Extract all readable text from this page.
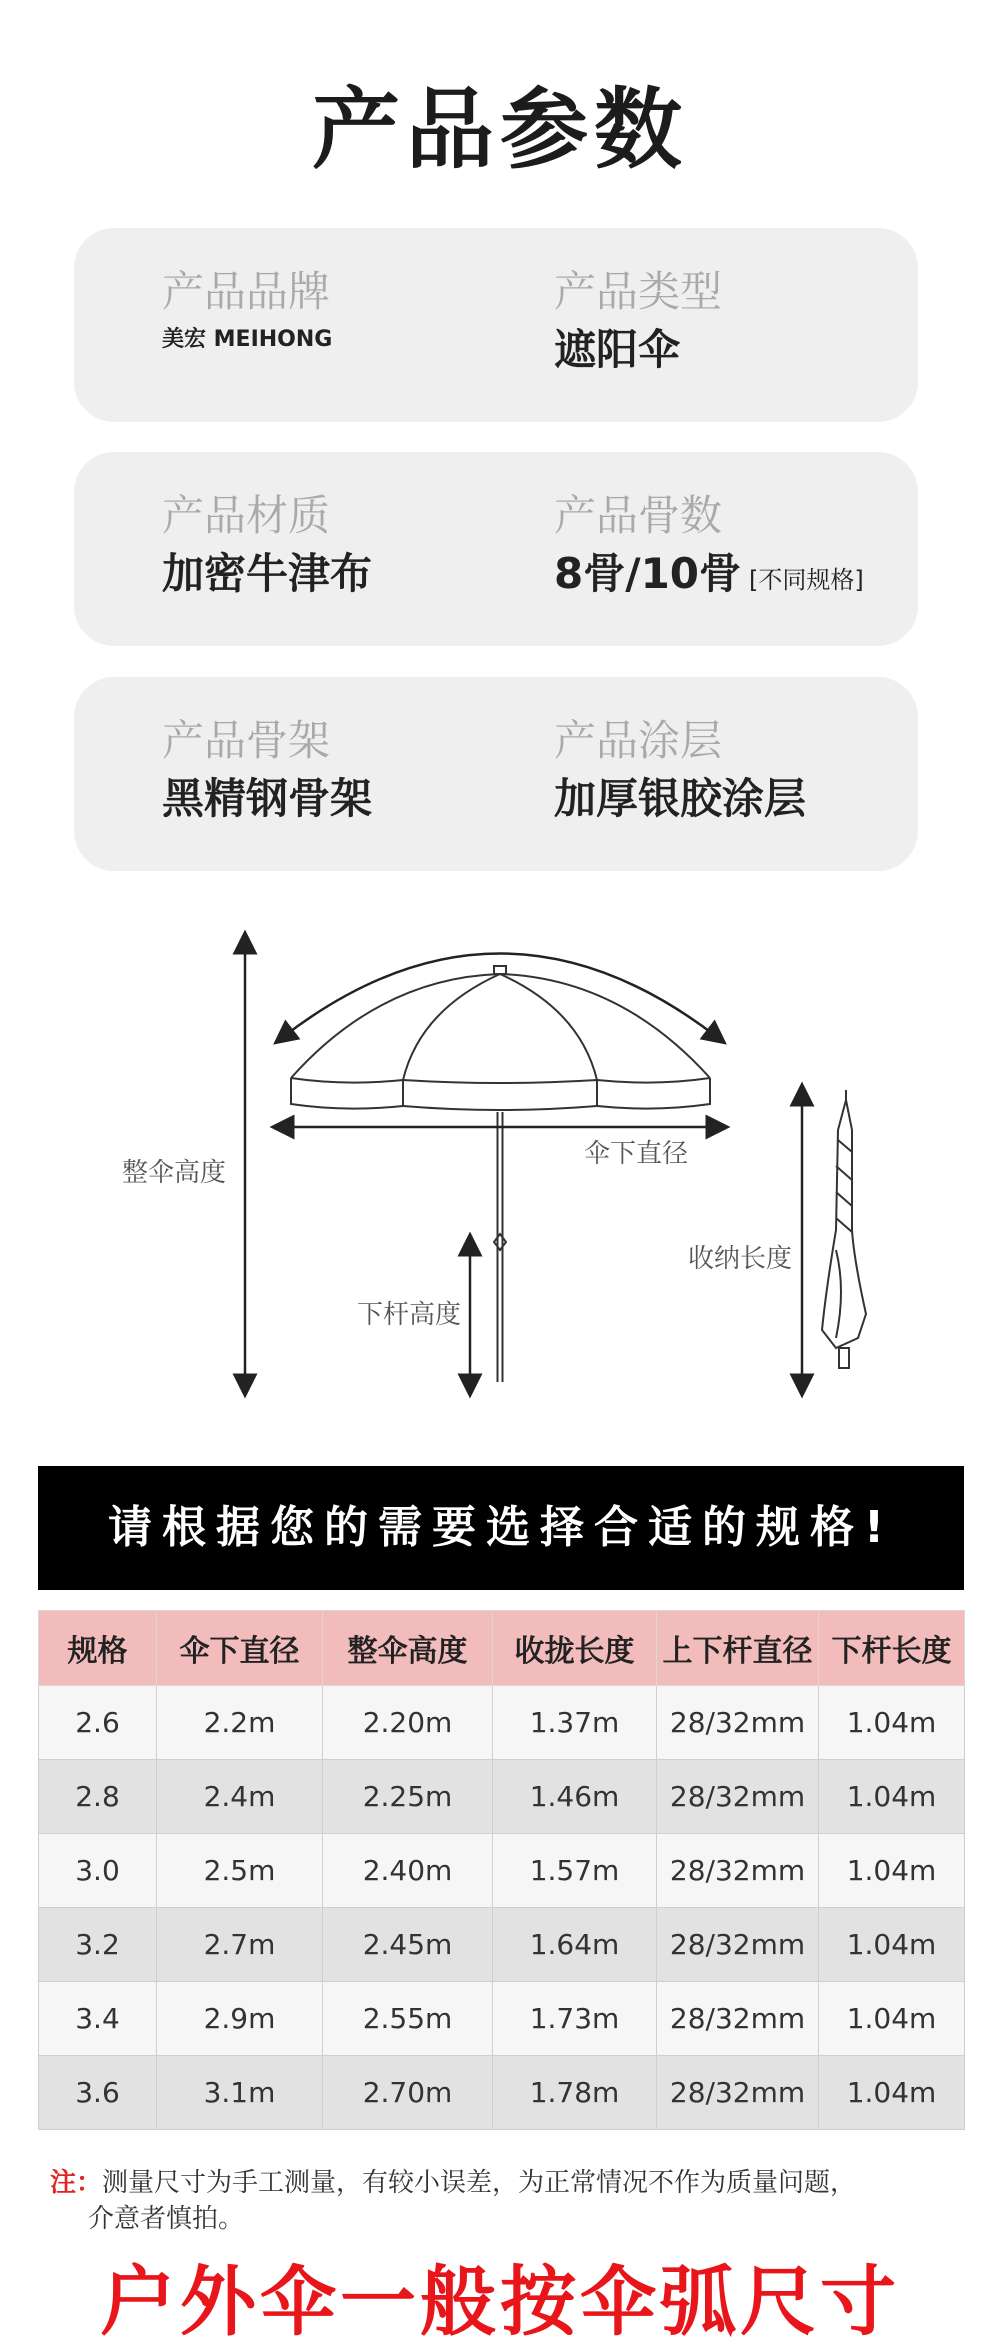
产品参数
产品品牌
美宏 MEIHONG
产品类型
遮阳伞
产品材质
加密牛津布
产品骨数
8骨/10骨 [不同规格]
产品骨架
黑精钢骨架
产品涂层
加厚银胶涂层
整伞高度
伞下直径
下杆高度
收纳长度
请根据您的需要选择合适的规格!
规格	伞下直径	整伞高度	收拢长度	上下杆直径	下杆长度
2.6	2.2m	2.20m	1.37m	28/32mm	1.04m
2.8	2.4m	2.25m	1.46m	28/32mm	1.04m
3.0	2.5m	2.40m	1.57m	28/32mm	1.04m
3.2	2.7m	2.45m	1.64m	28/32mm	1.04m
3.4	2.9m	2.55m	1.73m	28/32mm	1.04m
3.6	3.1m	2.70m	1.78m	28/32mm	1.04m
注：测量尺寸为手工测量，有较小误差，为正常情况不作为质量问题，
介意者慎拍。
户外伞一般按伞弧尺寸
